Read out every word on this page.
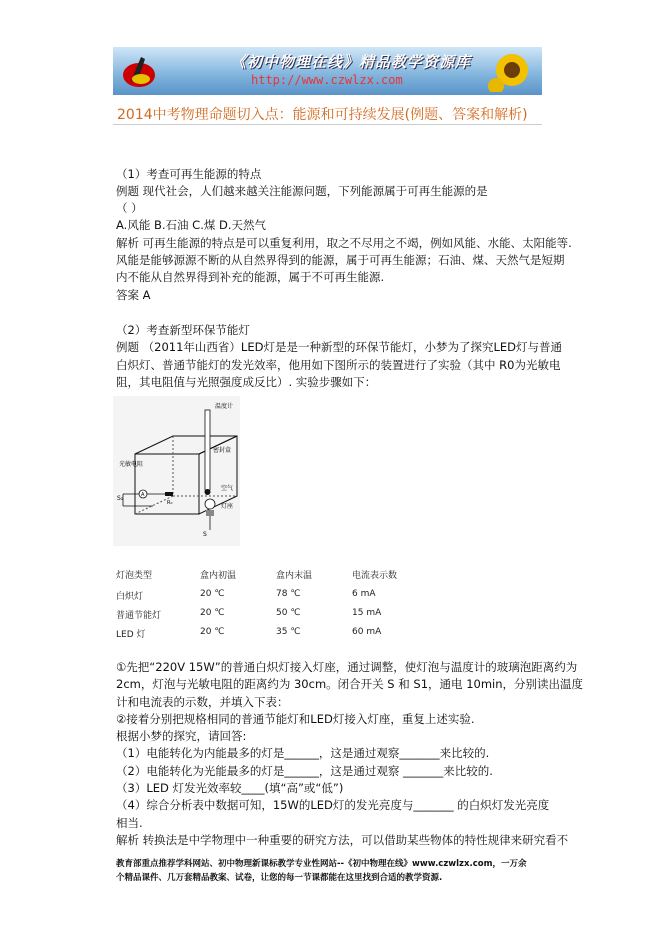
《初中物理在线》精品教学资源库
http://www.czwlzx.com
2014中考物理命题切入点：能源和可持续发展(例题、答案和解析)
（1）考查可再生能源的特点
例题 现代社会，人们越来越关注能源问题，下列能源属于可再生能源的是
（ ）
A.风能 B.石油 C.煤 D.天然气
解析 可再生能源的特点是可以重复利用，取之不尽用之不竭，例如风能、水能、太阳能等.
风能是能够源源不断的从自然界得到的能源，属于可再生能源；石油、煤、天然气是短期
内不能从自然界得到补充的能源，属于不可再生能源.
答案 A
（2）考查新型环保节能灯
例题 （2011年山西省）LED灯是是一种新型的环保节能灯，小梦为了探究LED灯与普通
白炽灯、普通节能灯的发光效率，他用如下图所示的装置进行了实验（其中 R0为光敏电
阻，其电阻值与光照强度成反比）. 实验步骤如下：
温度计
灯座
空气
密封盒
光敏电阻
A
S₁
R₀
S
灯泡类型	盒内初温	盒内末温	电流表示数
白炽灯	20 ℃	78 ℃	6 mA
普通节能灯	20 ℃	50 ℃	15 mA
LED 灯	20 ℃	35 ℃	60 mA
①先把“220V 15W”的普通白炽灯接入灯座，通过调整，使灯泡与温度计的玻璃泡距离约为
2cm，灯泡与光敏电阻的距离约为 30cm。闭合开关 S 和 S1，通电 10min，分别读出温度
计和电流表的示数，并填入下表：
②接着分别把规格相同的普通节能灯和LED灯接入灯座，重复上述实验.
根据小梦的探究，请回答:
（1）电能转化为内能最多的灯是______，这是通过观察_______来比较的.
（2）电能转化为光能最多的灯是______，这是通过观察 _______来比较的.
（3）LED 灯发光效率较____(填“高”或“低”)
（4）综合分析表中数据可知，15W的LED灯的发光亮度与_______ 的白炽灯发光亮度
相当.
解析 转换法是中学物理中一种重要的研究方法，可以借助某些物体的特性规律来研究看不
教育部重点推荐学科网站、初中物理新课标教学专业性网站--《初中物理在线》www.czwlzx.com，一万余
个精品课件、几万套精品教案、试卷，让您的每一节课都能在这里找到合适的教学资源.
